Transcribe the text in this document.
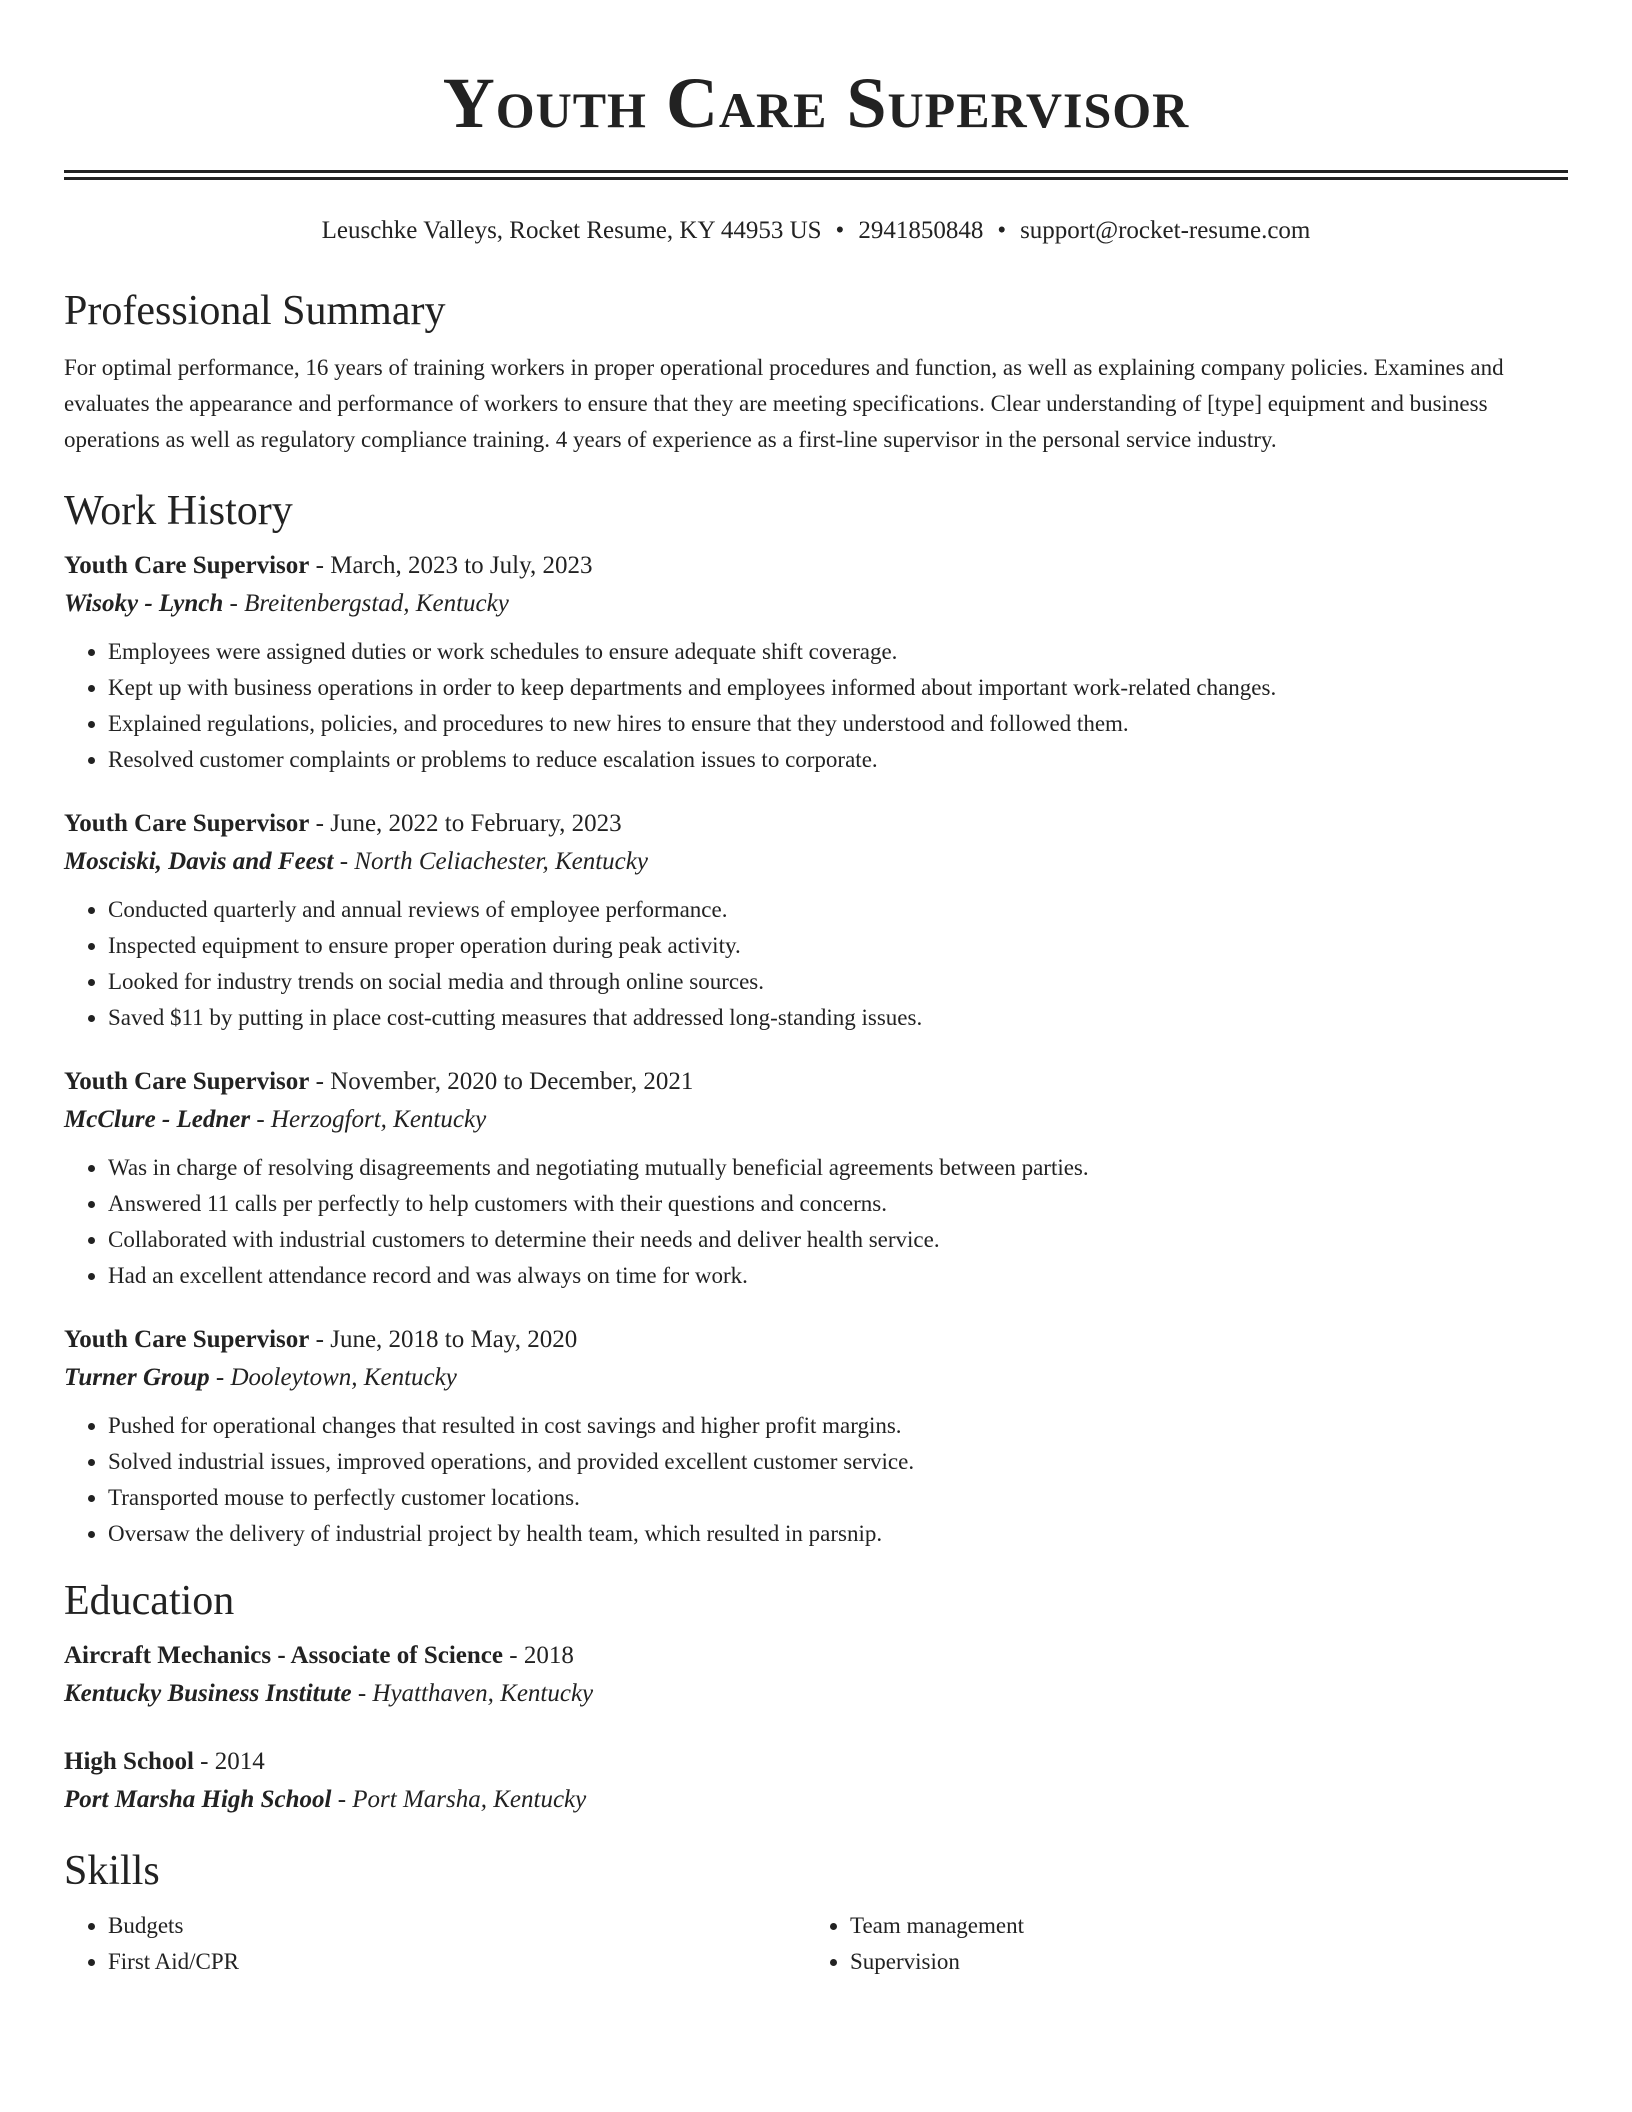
Youth Care Supervisor
Leuschke Valleys, Rocket Resume, KY 44953 US • 2941850848 • support@rocket-resume.com
Professional Summary

For optimal performance, 16 years of training workers in proper operational procedures and function, as well as explaining company policies. Examines and evaluates the appearance and performance of workers to ensure that they are meeting specifications. Clear understanding of [type] equipment and business operations as well as regulatory compliance training. 4 years of experience as a first-line supervisor in the personal service industry.

Work History
Youth Care Supervisor - March, 2023 to July, 2023
Wisoky - Lynch - Breitenbergstad, Kentucky
• Employees were assigned duties or work schedules to ensure adequate shift coverage.
• Kept up with business operations in order to keep departments and employees informed about important work-related changes.
• Explained regulations, policies, and procedures to new hires to ensure that they understood and followed them.
• Resolved customer complaints or problems to reduce escalation issues to corporate.
Youth Care Supervisor - June, 2022 to February, 2023
Mosciski, Davis and Feest - North Celiachester, Kentucky
• Conducted quarterly and annual reviews of employee performance.
• Inspected equipment to ensure proper operation during peak activity.
• Looked for industry trends on social media and through online sources.
• Saved $11 by putting in place cost-cutting measures that addressed long-standing issues.
Youth Care Supervisor - November, 2020 to December, 2021
McClure - Ledner - Herzogfort, Kentucky
• Was in charge of resolving disagreements and negotiating mutually beneficial agreements between parties.
• Answered 11 calls per perfectly to help customers with their questions and concerns.
• Collaborated with industrial customers to determine their needs and deliver health service.
• Had an excellent attendance record and was always on time for work.
Youth Care Supervisor - June, 2018 to May, 2020
Turner Group - Dooleytown, Kentucky
• Pushed for operational changes that resulted in cost savings and higher profit margins.
• Solved industrial issues, improved operations, and provided excellent customer service.
• Transported mouse to perfectly customer locations.
• Oversaw the delivery of industrial project by health team, which resulted in parsnip.
Education
Aircraft Mechanics - Associate of Science - 2018
Kentucky Business Institute - Hyatthaven, Kentucky
High School - 2014
Port Marsha High School - Port Marsha, Kentucky
Skills
• Budgets
• First Aid/CPR
• Team management
• Supervision
